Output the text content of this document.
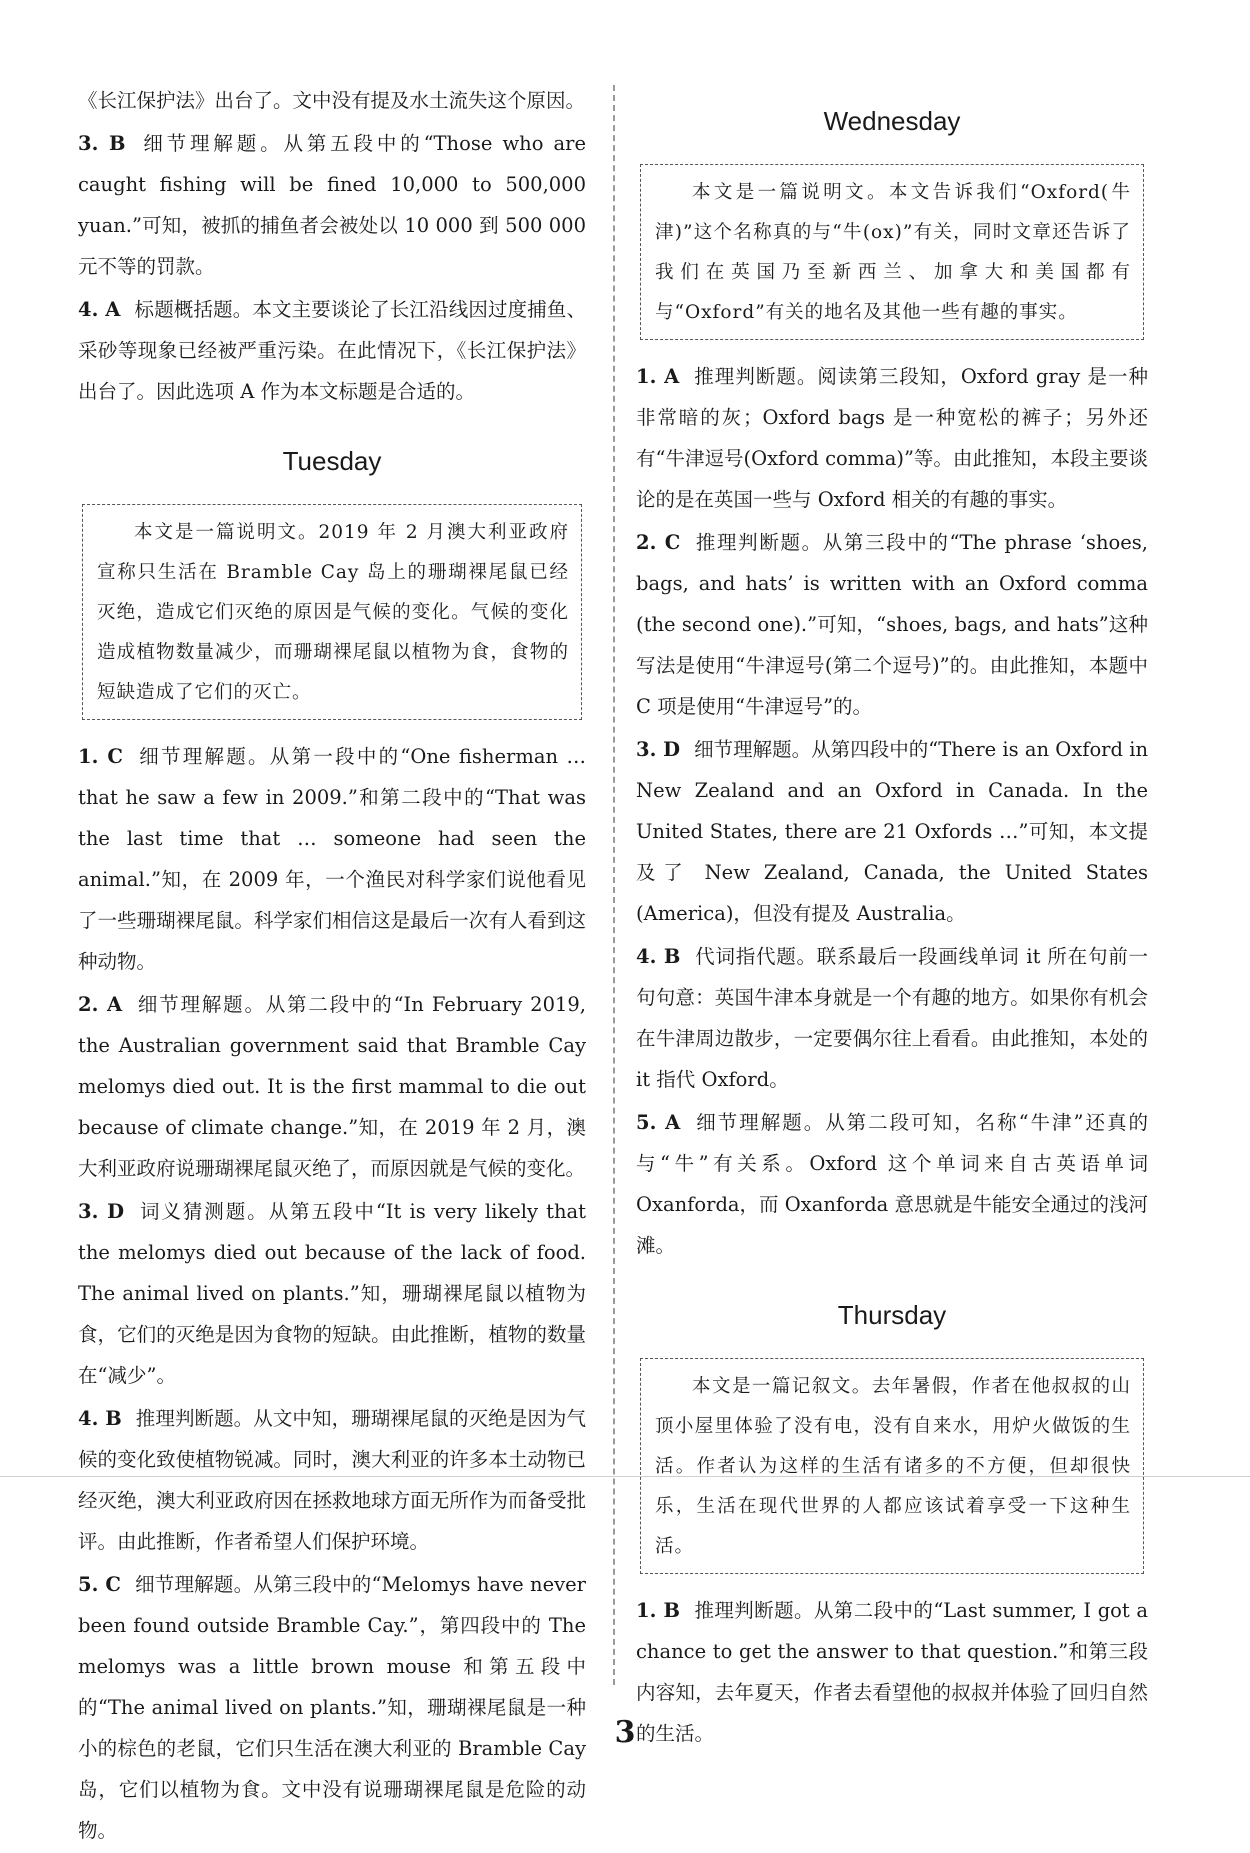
《长江保护法》出台了。文中没有提及水土流失这个原因。

3. B 细节理解题。从第五段中的“Those who are caught fishing will be fined 10,000 to 500,000 yuan.”可知，被抓的捕鱼者会被处以 10 000 到 500 000 元不等的罚款。

4. A 标题概括题。本文主要谈论了长江沿线因过度捕鱼、采砂等现象已经被严重污染。在此情况下，《长江保护法》出台了。因此选项 A 作为本文标题是合适的。

Tuesday
本文是一篇说明文。2019 年 2 月澳大利亚政府宣称只生活在 Bramble Cay 岛上的珊瑚裸尾鼠已经灭绝，造成它们灭绝的原因是气候的变化。气候的变化造成植物数量减少，而珊瑚裸尾鼠以植物为食，食物的短缺造成了它们的灭亡。

1. C 细节理解题。从第一段中的“One fisherman … that he saw a few in 2009.”和第二段中的“That was the last time that … someone had seen the animal.”知，在 2009 年，一个渔民对科学家们说他看见了一些珊瑚裸尾鼠。科学家们相信这是最后一次有人看到这种动物。

2. A 细节理解题。从第二段中的“In February 2019, the Australian government said that Bramble Cay melomys died out. It is the first mammal to die out because of climate change.”知，在 2019 年 2 月，澳大利亚政府说珊瑚裸尾鼠灭绝了，而原因就是气候的变化。

3. D 词义猜测题。从第五段中“It is very likely that the melomys died out because of the lack of food. The animal lived on plants.”知，珊瑚裸尾鼠以植物为食，它们的灭绝是因为食物的短缺。由此推断，植物的数量在“减少”。

4. B 推理判断题。从文中知，珊瑚裸尾鼠的灭绝是因为气候的变化致使植物锐减。同时，澳大利亚的许多本土动物已经灭绝，澳大利亚政府因在拯救地球方面无所作为而备受批评。由此推断，作者希望人们保护环境。

5. C 细节理解题。从第三段中的“Melomys have never been found outside Bramble Cay.”，第四段中的 The melomys was a little brown mouse 和第五段中的“The animal lived on plants.”知，珊瑚裸尾鼠是一种小的棕色的老鼠，它们只生活在澳大利亚的 Bramble Cay 岛，它们以植物为食。文中没有说珊瑚裸尾鼠是危险的动物。

Wednesday
本文是一篇说明文。本文告诉我们“Oxford(牛津)”这个名称真的与“牛(ox)”有关，同时文章还告诉了我们在英国乃至新西兰、加拿大和美国都有与“Oxford”有关的地名及其他一些有趣的事实。

1. A 推理判断题。阅读第三段知，Oxford gray 是一种非常暗的灰；Oxford bags 是一种宽松的裤子；另外还有“牛津逗号(Oxford comma)”等。由此推知，本段主要谈论的是在英国一些与 Oxford 相关的有趣的事实。

2. C 推理判断题。从第三段中的“The phrase ‘shoes, bags, and hats’ is written with an Oxford comma (the second one).”可知，“shoes, bags, and hats”这种写法是使用“牛津逗号(第二个逗号)”的。由此推知，本题中 C 项是使用“牛津逗号”的。

3. D 细节理解题。从第四段中的“There is an Oxford in New Zealand and an Oxford in Canada. In the United States, there are 21 Oxfords …”可知，本文提及了 New Zealand, Canada, the United States (America)，但没有提及 Australia。

4. B 代词指代题。联系最后一段画线单词 it 所在句前一句句意：英国牛津本身就是一个有趣的地方。如果你有机会在牛津周边散步，一定要偶尔往上看看。由此推知，本处的 it 指代 Oxford。

5. A 细节理解题。从第二段可知，名称“牛津”还真的与“牛”有关系。Oxford 这个单词来自古英语单词 Oxanforda，而 Oxanforda 意思就是牛能安全通过的浅河滩。

Thursday
本文是一篇记叙文。去年暑假，作者在他叔叔的山顶小屋里体验了没有电，没有自来水，用炉火做饭的生活。作者认为这样的生活有诸多的不方便，但却很快乐，生活在现代世界的人都应该试着享受一下这种生活。

1. B 推理判断题。从第二段中的“Last summer, I got a chance to get the answer to that question.”和第三段内容知，去年夏天，作者去看望他的叔叔并体验了回归自然的生活。

3
